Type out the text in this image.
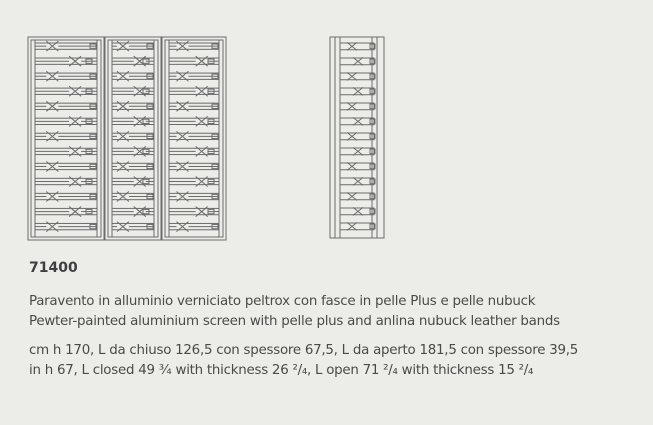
71400

Paravento in alluminio verniciato peltrox con fasce in pelle Plus e pelle nubuck

Pewter-painted aluminium screen with pelle plus and anlina nubuck leather bands

cm h 170, L da chiuso 126,5 con spessore 67,5, L da aperto 181,5 con spessore 39,5

in h 67, L closed 49 ¾ with thickness 26 ²/₄, L open 71 ²/₄ with thickness 15 ²/₄
